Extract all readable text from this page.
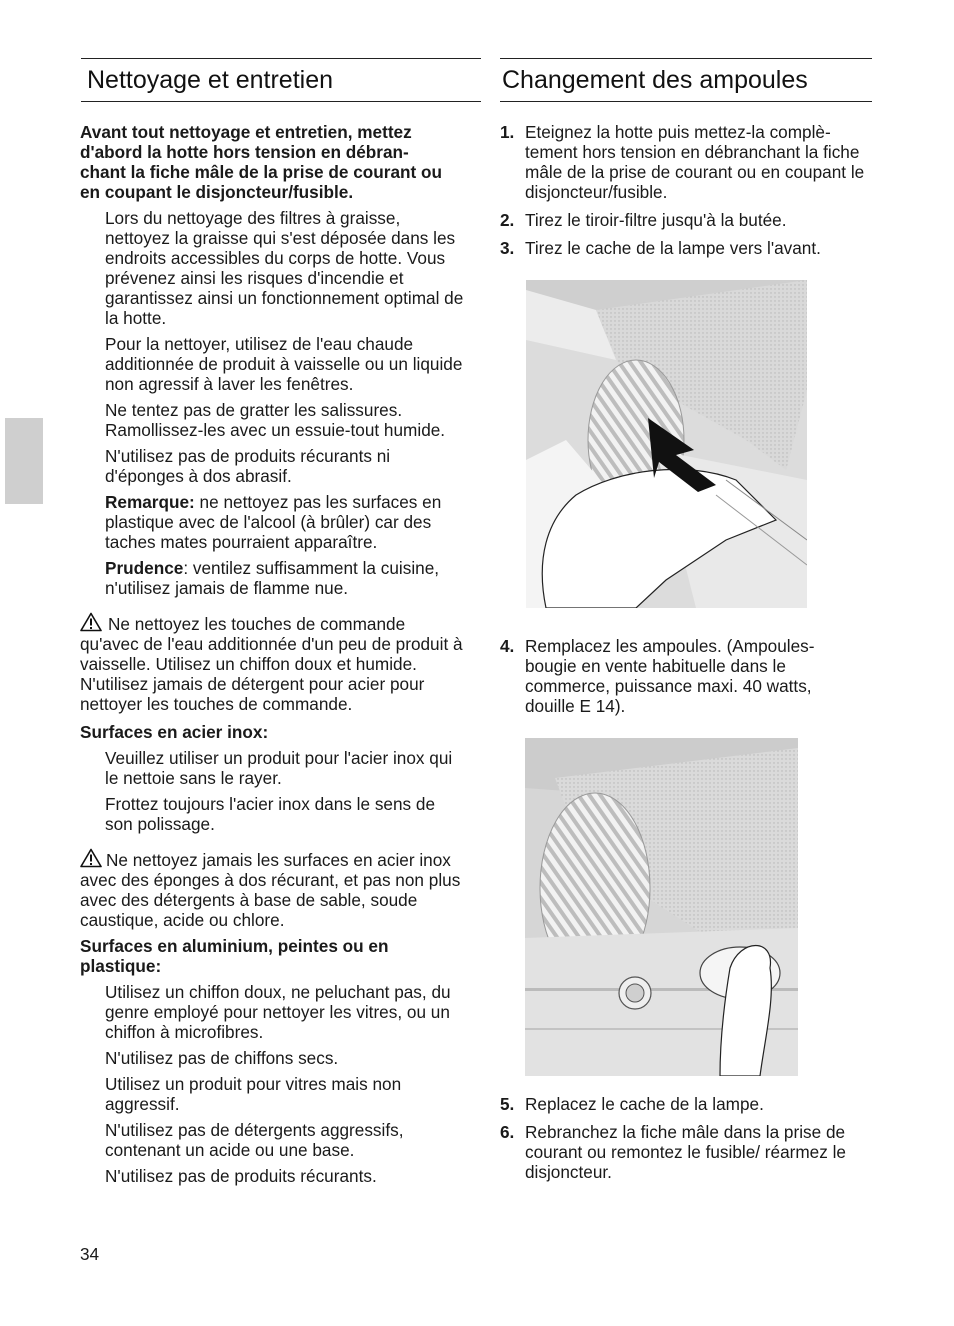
Nettoyage et entretien

Avant tout nettoyage et entretien, mettez d'abord la hotte hors tension en débran-chant la fiche mâle de la prise de courant ou en coupant le disjoncteur/fusible.

Lors du nettoyage des filtres à graisse, nettoyez la graisse qui s'est déposée dans les endroits accessibles du corps de hotte. Vous prévenez ainsi les risques d'incendie et garantissez ainsi un fonctionnement optimal de la hotte.

Pour la nettoyer, utilisez de l'eau chaude additionnée de produit à vaisselle ou un liquide non agressif à laver les fenêtres.

Ne tentez pas de gratter les salissures. Ramollissez-les avec un essuie-tout humide.

N'utilisez pas de produits récurants ni d'éponges à dos abrasif.

Remarque: ne nettoyez pas les surfaces en plastique avec de l'alcool (à brûler) car des taches mates pourraient apparaître.

Prudence: ventilez suffisamment la cuisine, n'utilisez jamais de flamme nue.

Ne nettoyez les touches de commande qu'avec de l'eau additionnée d'un peu de produit à vaisselle. Utilisez un chiffon doux et humide.

N'utilisez jamais de détergent pour acier pour nettoyer les touches de commande.

Surfaces en acier inox:

Veuillez utiliser un produit pour l'acier inox qui le nettoie sans le rayer.

Frottez toujours l'acier inox dans le sens de son polissage.

Ne nettoyez jamais les surfaces en acier inox avec des éponges à dos récurant, et pas non plus avec des détergents à base de sable, soude caustique, acide ou chlore.

Surfaces en aluminium, peintes ou en plastique:

Utilisez un chiffon doux, ne peluchant pas, du genre employé pour nettoyer les vitres, ou un chiffon à microfibres.

N'utilisez pas de chiffons secs.

Utilisez un produit pour vitres mais non aggressif.

N'utilisez pas de détergents aggressifs, contenant un acide ou une base.

N'utilisez pas de produits récurants.

34
Changement des ampoules
1. Eteignez la hotte puis mettez-la complè-tement hors tension en débranchant la fiche mâle de la prise de courant ou en coupant le disjoncteur/fusible.

2. Tirez le tiroir-filtre jusqu'à la butée.

3. Tirez le cache de la lampe vers l'avant.

4. Remplacez les ampoules. (Ampoules-bougie en vente habituelle dans le commerce, puissance maxi. 40 watts, douille E 14).

5. Replacez le cache de la lampe.

6. Rebranchez la fiche mâle dans la prise de courant ou remontez le fusible/ réarmez le disjoncteur.
